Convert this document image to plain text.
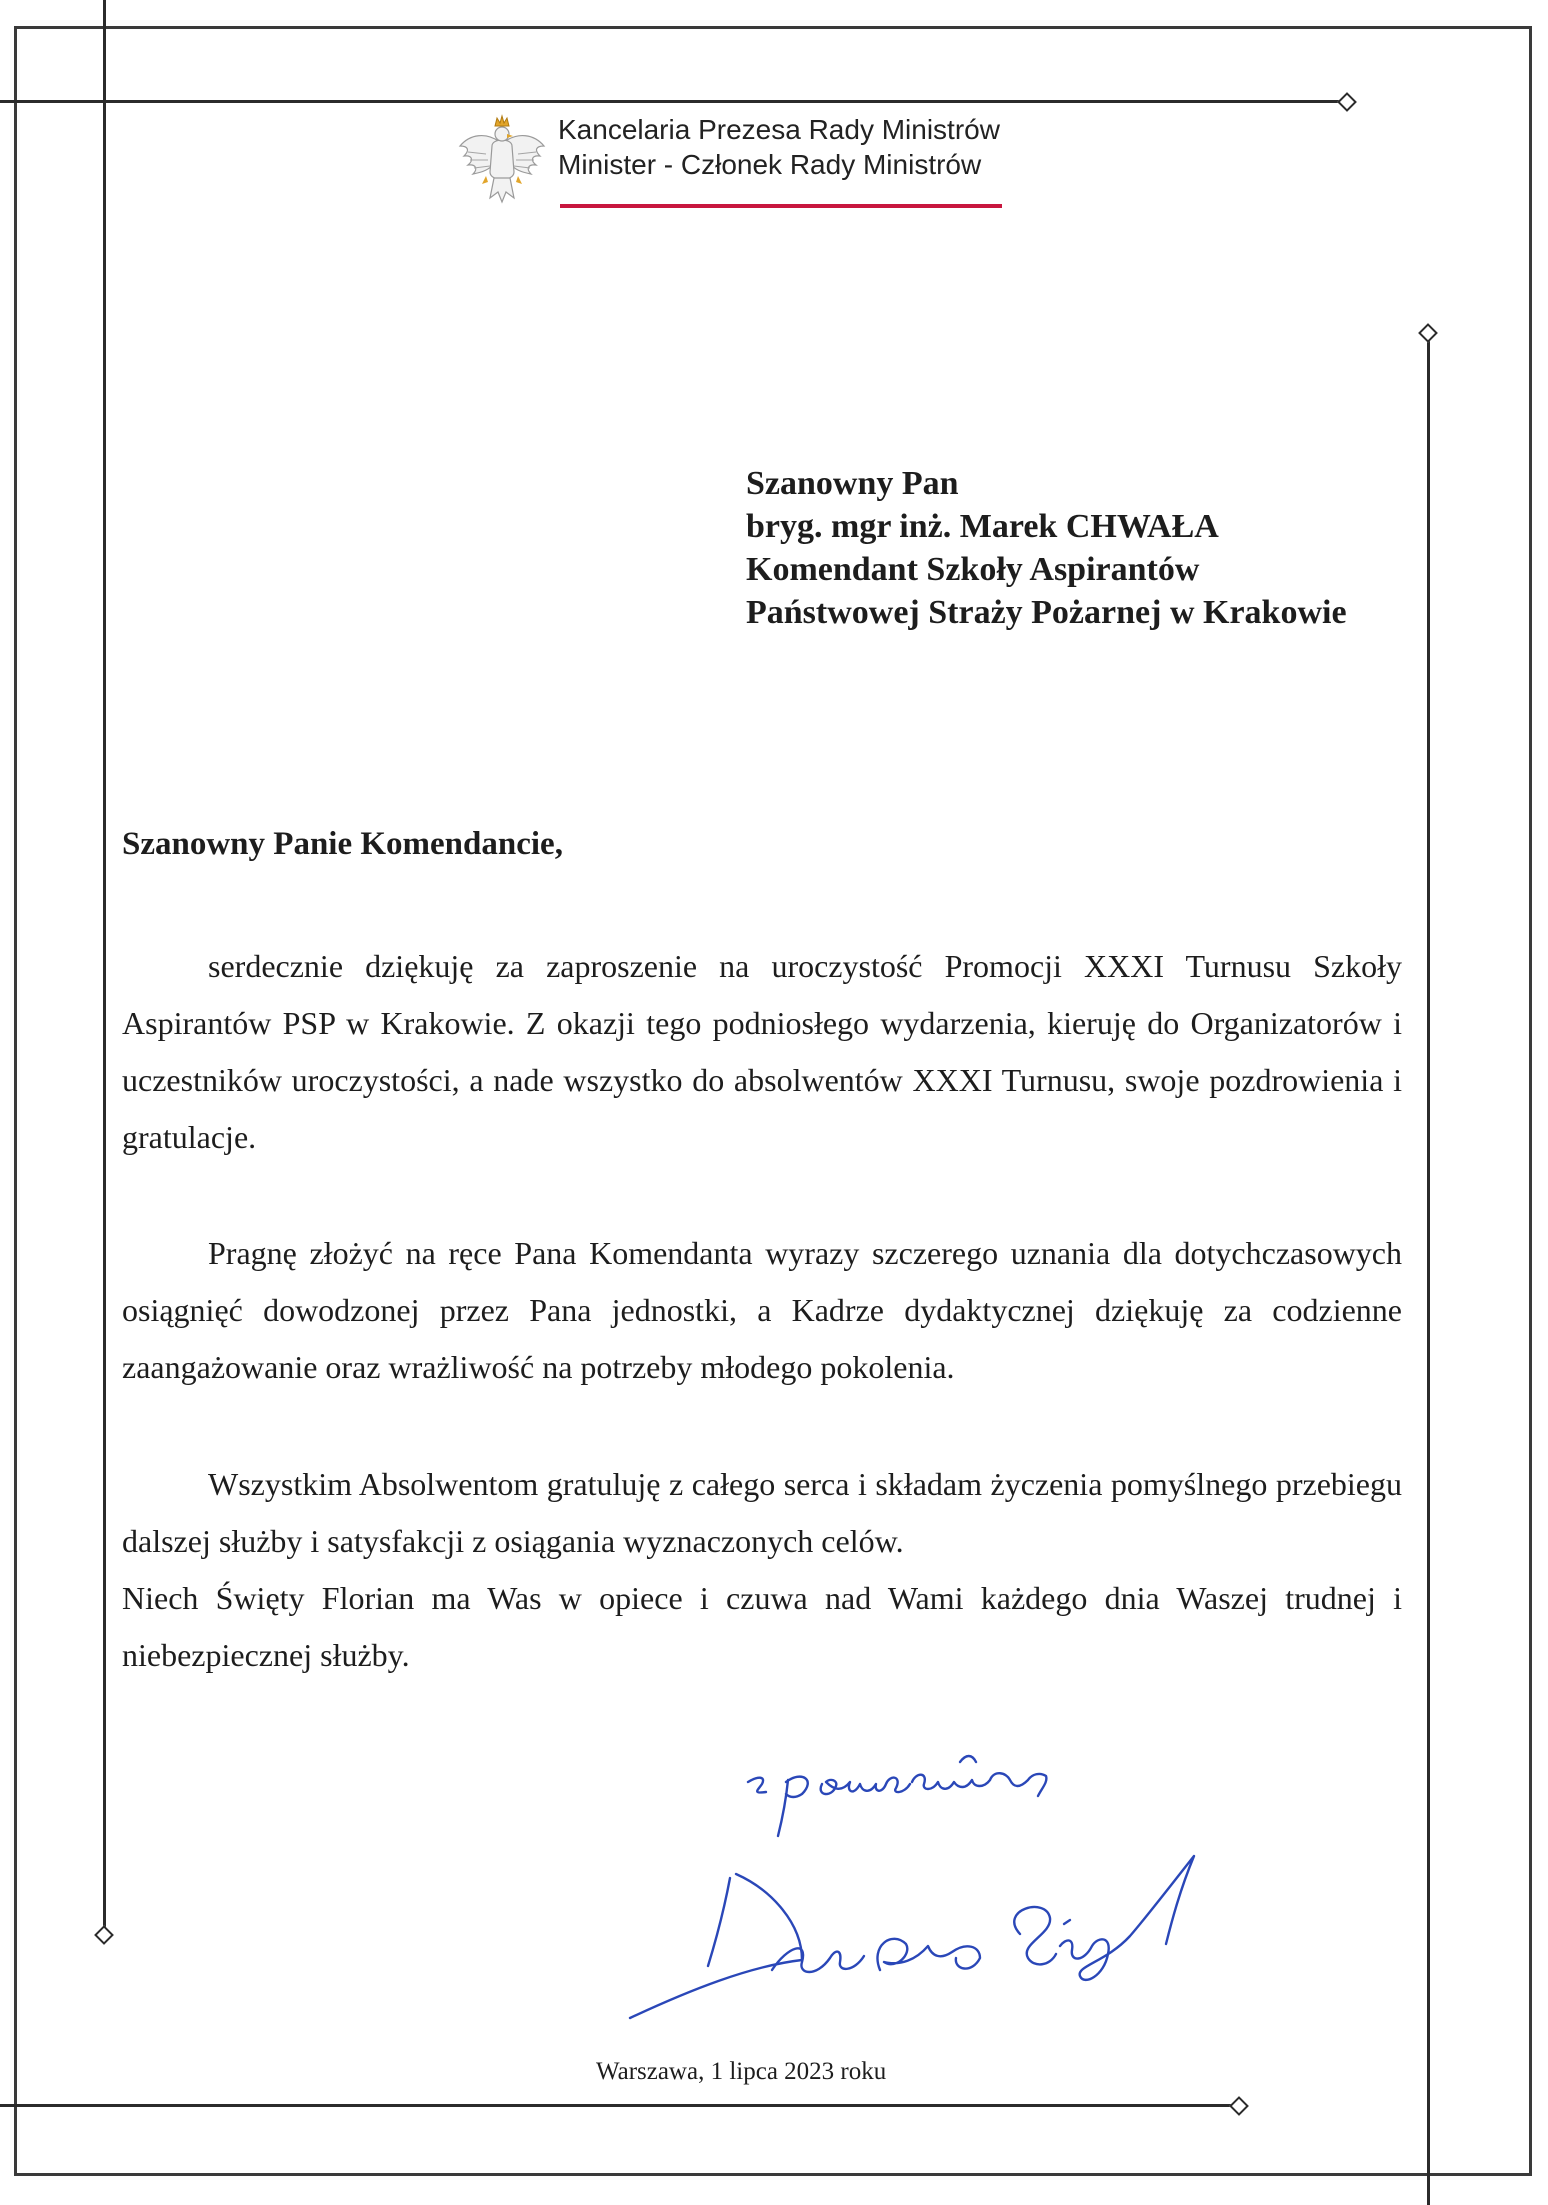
Kancelaria Prezesa Rady Ministrów
Minister - Członek Rady Ministrów
Szanowny Pan
bryg. mgr inż. Marek CHWAŁA
Komendant Szkoły Aspirantów
Państwowej Straży Pożarnej w Krakowie
Szanowny Panie Komendancie,

serdecznie dziękuję za zaproszenie na uroczystość Promocji XXXI Turnusu Szkoły Aspirantów PSP w Krakowie. Z okazji tego podniosłego wydarzenia, kieruję do Organizatorów i uczestników uroczystości, a nade wszystko do absolwentów XXXI Turnusu, swoje pozdrowienia i gratulacje.

Pragnę złożyć na ręce Pana Komendanta wyrazy szczerego uznania dla dotychczasowych osiągnięć dowodzonej przez Pana jednostki, a Kadrze dydaktycznej dziękuję za codzienne zaangażowanie oraz wrażliwość na potrzeby młodego pokolenia.

Wszystkim Absolwentom gratuluję z całego serca i składam życzenia pomyślnego przebiegu dalszej służby i satysfakcji z osiągania wyznaczonych celów.

Niech Święty Florian ma Was w opiece i czuwa nad Wami każdego dnia Waszej trudnej i niebezpiecznej służby.

Warszawa, 1 lipca 2023 roku
